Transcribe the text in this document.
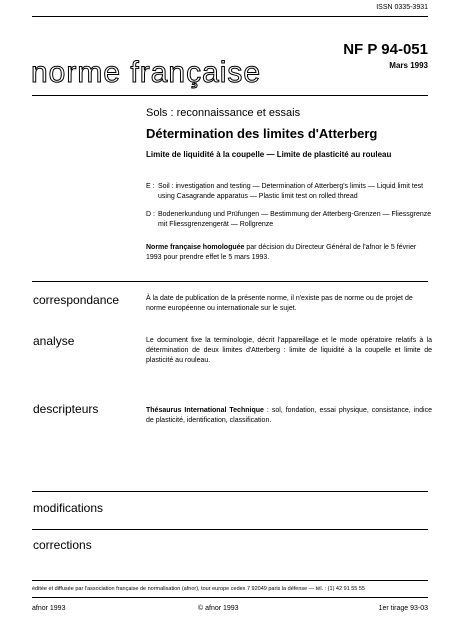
ISSN 0335-3931
norme française
NF P 94-051
Mars 1993
Sols : reconnaissance et essais
Détermination des limites d'Atterberg
Limite de liquidité à la coupelle — Limite de plasticité au rouleau
E : Soil : investigation and testing — Determination of Atterberg's limits — Liquid limit test using Casagrande apparatus — Plastic limit test on rolled thread
D : Bodenerkundung und Prüfungen — Bestimmung der Atterberg-Grenzen — Fliessgrenze mit Fliessgrenzengerät — Rollgrenze
Norme française homologuée par décision du Directeur Général de l'afnor le 5 février 1993 pour prendre effet le 5 mars 1993.
correspondance	À la date de publication de la présente norme, il n'existe pas de norme ou de projet de norme européenne ou internationale sur le sujet.
analyse	Le document fixe la terminologie, décrit l'appareillage et le mode opératoire relatifs à la détermination de deux limites d'Atterberg : limite de liquidité à la coupelle et limite de plasticité au rouleau.
descripteurs	Thésaurus International Technique : sol, fondation, essai physique, consistance, indice de plasticité, identification, classification.
modifications
corrections
éditée et diffusée par l'association française de normalisation (afnor), tour europe cedex 7 92049 paris la défense — tél. : (1) 42 91 55 55
afnor 1993	© afnor 1993	1er tirage 93-03
